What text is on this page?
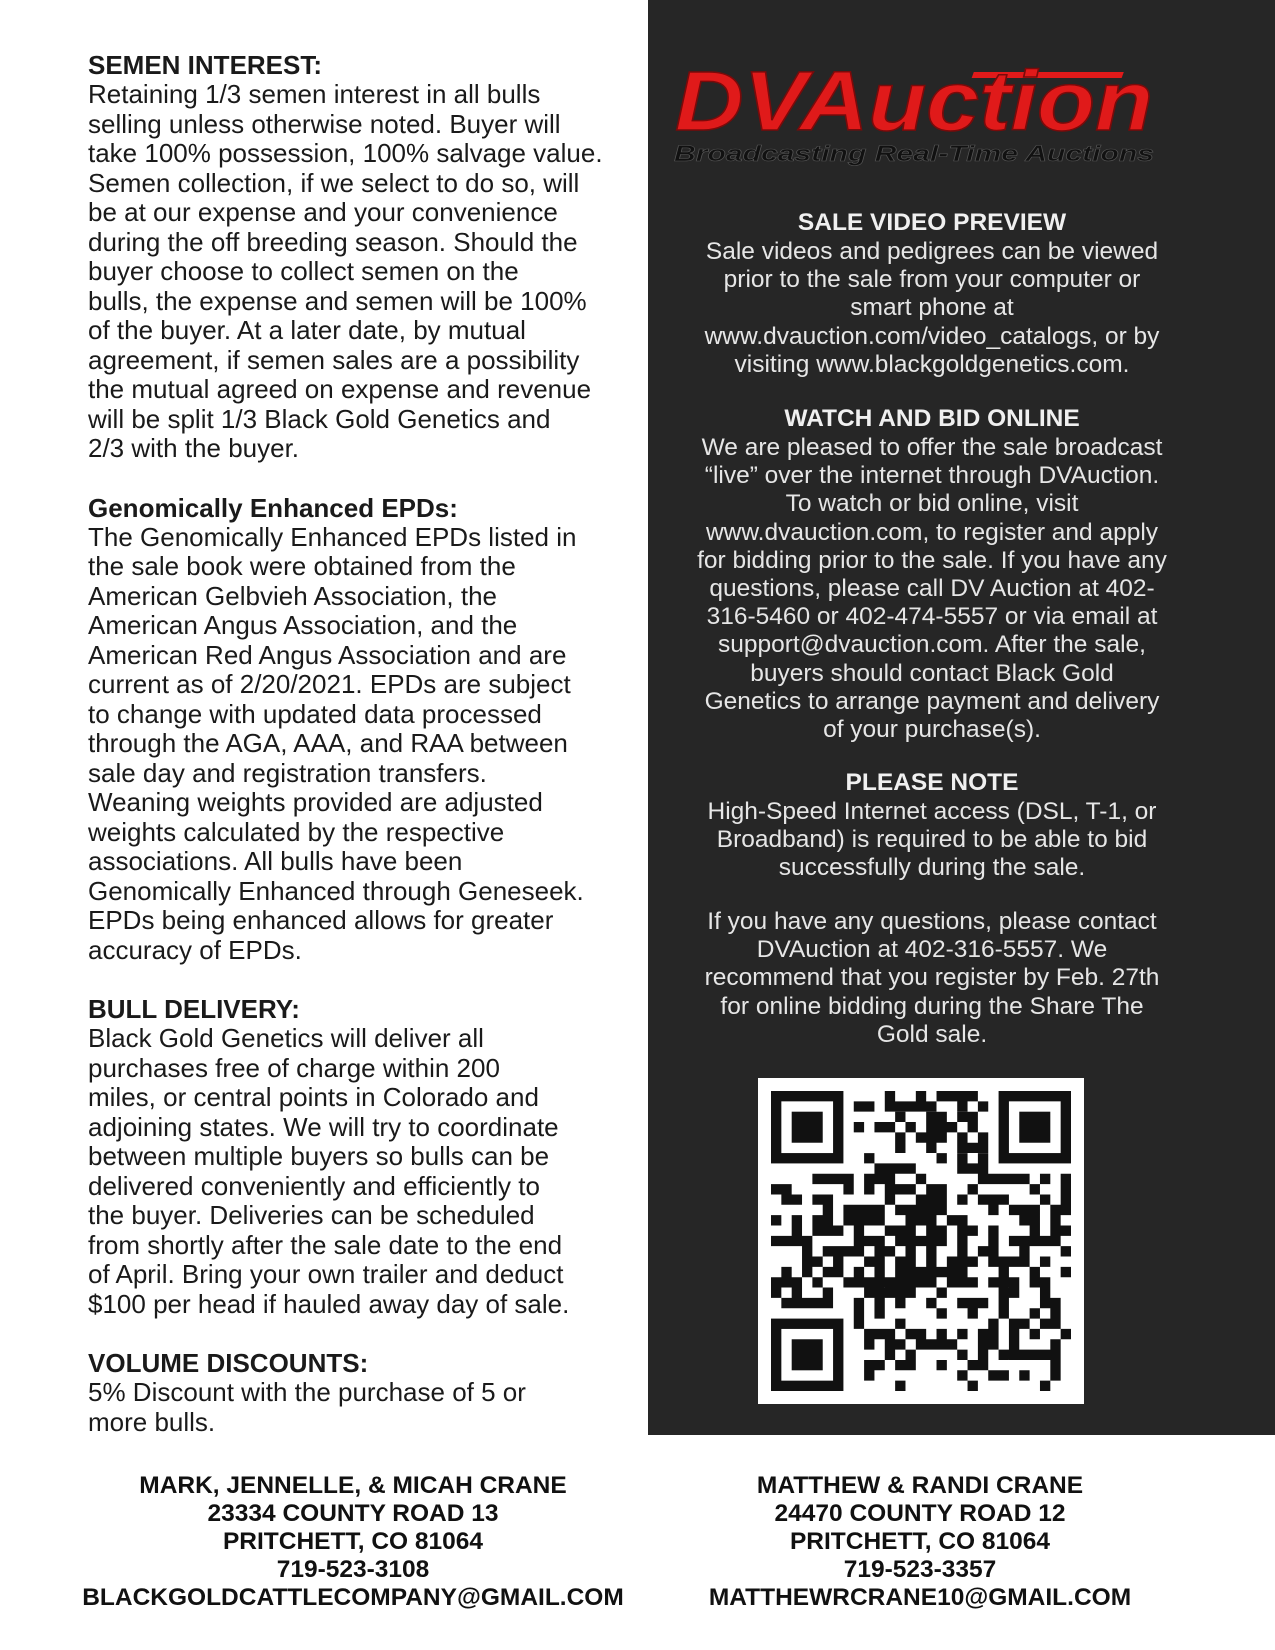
SEMEN INTEREST:

Retaining 1/3 semen interest in all bulls
selling unless otherwise noted. Buyer will
take 100% possession, 100% salvage value.
Semen collection, if we select to do so, will
be at our expense and your convenience
during the off breeding season. Should the
buyer choose to collect semen on the
bulls, the expense and semen will be 100%
of the buyer. At a later date, by mutual
agreement, if semen sales are a possibility
the mutual agreed on expense and revenue
will be split 1/3 Black Gold Genetics and
2/3 with the buyer.

Genomically Enhanced EPDs:

The Genomically Enhanced EPDs listed in
the sale book were obtained from the
American Gelbvieh Association, the
American Angus Association, and the
American Red Angus Association and are
current as of 2/20/2021. EPDs are subject
to change with updated data processed
through the AGA, AAA, and RAA between
sale day and registration transfers.
Weaning weights provided are adjusted
weights calculated by the respective
associations. All bulls have been
Genomically Enhanced through Geneseek.
EPDs being enhanced allows for greater
accuracy of EPDs.

BULL DELIVERY:

Black Gold Genetics will deliver all
purchases free of charge within 200
miles, or central points in Colorado and
adjoining states. We will try to coordinate
between multiple buyers so bulls can be
delivered conveniently and efficiently to
the buyer. Deliveries can be scheduled
from shortly after the sale date to the end
of April. Bring your own trailer and deduct
$100 per head if hauled away day of sale.

VOLUME DISCOUNTS:

5% Discount with the purchase of 5 or
more bulls.

DVAuction
Broadcasting Real-Time Auctions
SALE VIDEO PREVIEW

Sale videos and pedigrees can be viewed
prior to the sale from your computer or
smart phone at
www.dvauction.com/video_catalogs, or by
visiting www.blackgoldgenetics.com.

WATCH AND BID ONLINE

We are pleased to offer the sale broadcast
“live” over the internet through DVAuction.
To watch or bid online, visit
www.dvauction.com, to register and apply
for bidding prior to the sale. If you have any
questions, please call DV Auction at 402-
316-5460 or 402-474-5557 or via email at
support@dvauction.com. After the sale,
buyers should contact Black Gold
Genetics to arrange payment and delivery
of your purchase(s).

PLEASE NOTE

High-Speed Internet access (DSL, T-1, or
Broadband) is required to be able to bid
successfully during the sale.

If you have any questions, please contact
DVAuction at 402-316-5557. We
recommend that you register by Feb. 27th
for online bidding during the Share The
Gold sale.

MARK, JENNELLE, & MICAH CRANE
23334 COUNTY ROAD 13
PRITCHETT, CO 81064
719-523-3108
BLACKGOLDCATTLECOMPANY@GMAIL.COM
MATTHEW & RANDI CRANE
24470 COUNTY ROAD 12
PRITCHETT, CO 81064
719-523-3357
MATTHEWRCRANE10@GMAIL.COM
